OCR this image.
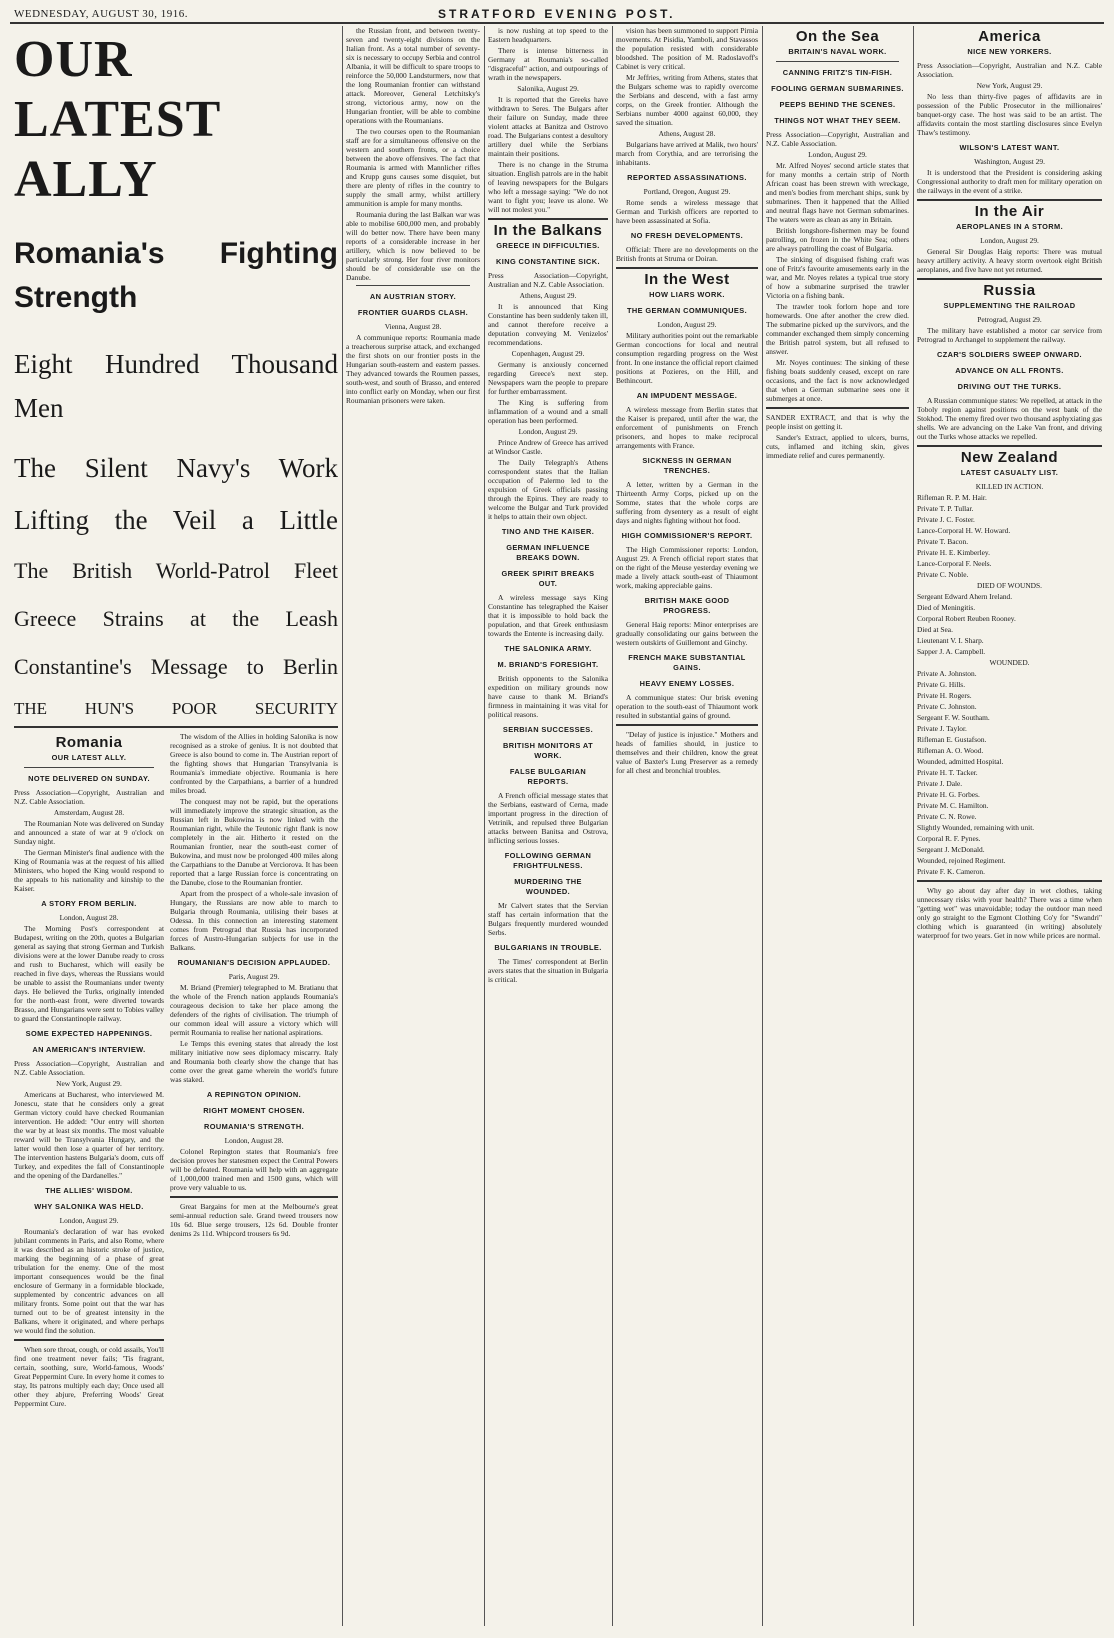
WEDNESDAY, AUGUST 30, 1916.	STRATFORD EVENING POST.
OUR LATEST ALLY
Romania's Fighting Strength
Eight Hundred Thousand Men
The Silent Navy's Work
Lifting the Veil a Little
The British World-Patrol Fleet
Greece Strains at the Leash
Constantine's Message to Berlin
THE HUN'S POOR SECURITY
Romania
OUR LATEST ALLY.
NOTE DELIVERED ON SUNDAY.

Press Association—Copyright, Australian and N.Z. Cable Association.

Amsterdam, August 28.

The Roumanian Note was delivered on Sunday and announced a state of war at 9 o'clock on Sunday night.

The German Minister's final audience with the King of Roumania was at the request of his allied Ministers, who hoped the King would respond to the appeals to his nationality and kinship to the Kaiser.

A STORY FROM BERLIN.

London, August 28.

The Morning Post's correspondent at Budapest, writing on the 20th, quotes a Bulgarian general as saying that strong German and Turkish divisions were at the lower Danube ready to cross and rush to Bucharest, which will easily be reached in five days, whereas the Russians would be unable to assist the Roumanians under twenty days. He believed the Turks, originally intended for the north-east front, were diverted towards Brasso, and Hungarians were sent to Tobies valley to guard the Constantinople railway.

SOME EXPECTED HAPPENINGS.
AN AMERICAN'S INTERVIEW.

Press Association—Copyright, Australian and N.Z. Cable Association.

New York, August 29.

Americans at Bucharest, who interviewed M. Jonescu, state that he considers only a great German victory could have checked Roumanian intervention. He added: "Our entry will shorten the war by at least six months. The most valuable reward will be Transylvania Hungary, and the latter would then lose a quarter of her territory. The intervention hastens Bulgaria's doom, cuts off Turkey, and expedites the fall of Constantinople and the opening of the Dardanelles."

THE ALLIES' WISDOM.
WHY SALONIKA WAS HELD.

London, August 29.

Roumania's declaration of war has evoked jubilant comments in Paris, and also Rome, where it was described as an historic stroke of justice, marking the beginning of a phase of great tribulation for the enemy. One of the most important consequences would be the final enclosure of Germany in a formidable blockade, supplemented by concentric advances on all military fronts. Some point out that the war has turned out to be of greatest intensity in the Balkans, where it originated, and where perhaps we would find the solution.

When sore throat, cough, or cold assails, You'll find one treatment never fails; 'Tis fragrant, certain, soothing, sure, World-famous, Woods' Great Peppermint Cure. In every home it comes to stay, Its patrons multiply each day; Once used all other they abjure, Preferring Woods' Great Peppermint Cure.

The wisdom of the Allies in holding Salonika is now recognised as a stroke of genius. It is not doubted that Greece is also bound to come in. The Austrian report of the fighting shows that Hungarian Transylvania is Roumania's immediate objective. Roumania is here confronted by the Carpathians, a barrier of a hundred miles broad.

The conquest may not be rapid, but the operations will immediately improve the strategic situation, as the Russian left in Bukowina is now linked with the Roumanian right, while the Teutonic right flank is now completely in the air. Hitherto it rested on the Roumanian frontier, near the south-east corner of Bukowina, and must now be prolonged 400 miles along the Carpathians to the Danube at Verciorova. It has been reported that a large Russian force is concentrating on the Danube, close to the Roumanian frontier.

Apart from the prospect of a whole-sale invasion of Hungary, the Russians are now able to march to Bulgaria through Roumania, utilising their bases at Odessa. In this connection an interesting statement comes from Petrograd that Russia has incorporated forces of Austro-Hungarian subjects for use in the Balkans.

ROUMANIAN'S DECISION APPLAUDED.

Paris, August 29.

M. Briand (Premier) telegraphed to M. Bratianu that the whole of the French nation applauds Roumania's courageous decision to take her place among the defenders of the rights of civilisation. The triumph of our common ideal will assure a victory which will permit Roumania to realise her national aspirations.

Le Temps this evening states that already the lost military initiative now sees diplomacy miscarry. Italy and Roumania both clearly show the change that has come over the great game wherein the world's future was staked.

A REPINGTON OPINION.
RIGHT MOMENT CHOSEN.
ROUMANIA'S STRENGTH.

London, August 28.

Colonel Repington states that Roumania's free decision proves her statesmen expect the Central Powers will be defeated. Roumania will help with an aggregate of 1,000,000 trained men and 1500 guns, which will prove very valuable to us.

Great Bargains for men at the Melbourne's great semi-annual reduction sale. Grand tweed trousers now 10s 6d. Blue serge trousers, 12s 6d. Double fronter denims 2s 11d. Whipcord trousers 6s 9d.

the Russian front, and between twenty-seven and twenty-eight divisions on the Italian front. As a total number of seventy-six is necessary to occupy Serbia and control Albania, it will be difficult to spare troops to reinforce the 50,000 Landsturmers, now that the long Roumanian frontier can withstand attack. Moreover, General Letchitsky's strong, victorious army, now on the Hungarian frontier, will be able to combine operations with the Roumanians.

The two courses open to the Roumanian staff are for a simultaneous offensive on the western and southern fronts, or a choice between the above offensives. The fact that Roumania is armed with Mannlicher rifles and Krupp guns causes some disquiet, but there are plenty of rifles in the country to supply the small army, whilst artillery ammunition is ample for many months.

Roumania during the last Balkan war was able to mobilise 600,000 men, and probably will do better now. There have been many reports of a considerable increase in her artillery, which is now believed to be particularly strong. Her four river monitors should be of considerable use on the Danube.

AN AUSTRIAN STORY.
FRONTIER GUARDS CLASH.

Vienna, August 28.

A communique reports: Roumania made a treacherous surprise attack, and exchanged the first shots on our frontier posts in the Hungarian south-eastern and eastern passes. They advanced towards the Roumen passes, south-west, and south of Brasso, and entered into conflict early on Monday, when our first Roumanian prisoners were taken.

is now rushing at top speed to the Eastern headquarters.

There is intense bitterness in Germany at Roumania's so-called "disgraceful" action, and outpourings of wrath in the newspapers.

Salonika, August 29.

It is reported that the Greeks have withdrawn to Seres. The Bulgars after their failure on Sunday, made three violent attacks at Banitza and Ostrovo road. The Bulgarians contest a desultory artillery duel while the Serbians maintain their positions.

There is no change in the Struma situation. English patrols are in the habit of leaving newspapers for the Bulgars who left a message saying: "We do not want to fight you; leave us alone. We will not molest you."

In the Balkans
GREECE IN DIFFICULTIES.
KING CONSTANTINE SICK.

Press Association—Copyright, Australian and N.Z. Cable Association.

Athens, August 29.

It is announced that King Constantine has been suddenly taken ill, and cannot therefore receive a deputation conveying M. Venizelos' recommendations.

Copenhagen, August 29.

Germany is anxiously concerned regarding Greece's next step. Newspapers warn the people to prepare for further embarrassment.

The King is suffering from inflammation of a wound and a small operation has been performed.

London, August 29.

Prince Andrew of Greece has arrived at Windsor Castle.

The Daily Telegraph's Athens correspondent states that the Italian occupation of Palermo led to the expulsion of Greek officials passing through the Epirus. They are ready to welcome the Bulgar and Turk provided it helps to attain their own object.

TINO AND THE KAISER.
GERMAN INFLUENCE BREAKS DOWN.
GREEK SPIRIT BREAKS OUT.

A wireless message says King Constantine has telegraphed the Kaiser that it is impossible to hold back the population, and that Greek enthusiasm towards the Entente is increasing daily.

THE SALONIKA ARMY.
M. BRIAND'S FORESIGHT.

British opponents to the Salonika expedition on military grounds now have cause to thank M. Briand's firmness in maintaining it was vital for political reasons.

SERBIAN SUCCESSES.
BRITISH MONITORS AT WORK.
FALSE BULGARIAN REPORTS.

A French official message states that the Serbians, eastward of Cerna, made important progress in the direction of Vetrinik, and repulsed three Bulgarian attacks between Banitsa and Ostrova, inflicting serious losses.

FOLLOWING GERMAN FRIGHTFULNESS.
MURDERING THE WOUNDED.

Mr Calvert states that the Servian staff has certain information that the Bulgars frequently murdered wounded Serbs.

BULGARIANS IN TROUBLE.

The Times' correspondent at Berlin avers states that the situation in Bulgaria is critical.

vision has been summoned to support Pirnia movements. At Pisidia, Yamboli, and Stavassos the population resisted with considerable bloodshed. The position of M. Radoslavoff's Cabinet is very critical.

Mr Jeffries, writing from Athens, states that the Bulgars scheme was to rapidly overcome the Serbians and descend, with a fast army corps, on the Greek frontier. Although the Serbians number 4000 against 60,000, they saved the situation.

Athens, August 28.

Bulgarians have arrived at Malik, two hours' march from Corythia, and are terrorising the inhabitants.

REPORTED ASSASSINATIONS.

Portland, Oregon, August 29.

Rome sends a wireless message that German and Turkish officers are reported to have been assassinated at Sofia.

NO FRESH DEVELOPMENTS.

Official: There are no developments on the British fronts at Struma or Doiran.

In the West
HOW LIARS WORK.
THE GERMAN COMMUNIQUES.

London, August 29.

Military authorities point out the remarkable German concoctions for local and neutral consumption regarding progress on the West front. In one instance the official report claimed positions at Pozieres, on the Hill, and Bethincourt.

AN IMPUDENT MESSAGE.

A wireless message from Berlin states that the Kaiser is prepared, until after the war, the enforcement of punishments on French prisoners, and hopes to make reciprocal arrangements with France.

SICKNESS IN GERMAN TRENCHES.

A letter, written by a German in the Thirteenth Army Corps, picked up on the Somme, states that the whole corps are suffering from dysentery as a result of eight days and nights fighting without hot food.

HIGH COMMISSIONER'S REPORT.

The High Commissioner reports: London, August 29. A French official report states that on the right of the Meuse yesterday evening we made a lively attack south-east of Thiaumont work, making appreciable gains.

BRITISH MAKE GOOD PROGRESS.

General Haig reports: Minor enterprises are gradually consolidating our gains between the western outskirts of Guillemont and Ginchy.

FRENCH MAKE SUBSTANTIAL GAINS.
HEAVY ENEMY LOSSES.

A communique states: Our brisk evening operation to the south-east of Thiaumont work resulted in substantial gains of ground.

"Delay of justice is injustice." Mothers and heads of families should, in justice to themselves and their children, know the great value of Baxter's Lung Preserver as a remedy for all chest and bronchial troubles.

On the Sea
BRITAIN'S NAVAL WORK.
CANNING FRITZ'S TIN-FISH.
FOOLING GERMAN SUBMARINES.
PEEPS BEHIND THE SCENES.
THINGS NOT WHAT THEY SEEM.

Press Association—Copyright, Australian and N.Z. Cable Association.

London, August 29.

Mr. Alfred Noyes' second article states that for many months a certain strip of North African coast has been strewn with wreckage, and men's bodies from merchant ships, sunk by submarines. Then it happened that the Allied and neutral flags have not German submarines. The waters were as clean as any in Britain.

British longshore-fishermen may be found patrolling, on frozen in the White Sea; others are always patrolling the coast of Bulgaria.

The sinking of disguised fishing craft was one of Fritz's favourite amusements early in the war, and Mr. Noyes relates a typical true story of how a submarine surprised the trawler Victoria on a fishing bank.

The trawler took forlorn hope and tore homewards. One after another the crew died. The submarine picked up the survivors, and the commander exchanged them simply concerning the British patrol system, but all refused to answer.

Mr. Noyes continues: The sinking of these fishing boats suddenly ceased, except on rare occasions, and the fact is now acknowledged that when a German submarine sees one it submerges at once.

SANDER EXTRACT, and that is why the people insist on getting it.

Sander's Extract, applied to ulcers, burns, cuts, inflamed and itching skin, gives immediate relief and cures permanently.

America
NICE NEW YORKERS.

Press Association—Copyright, Australian and N.Z. Cable Association.

New York, August 29.

No less than thirty-five pages of affidavits are in possession of the Public Prosecutor in the millionaires' banquet-orgy case. The host was said to be an artist. The affidavits contain the most startling disclosures since Evelyn Thaw's testimony.

WILSON'S LATEST WANT.

Washington, August 29.

It is understood that the President is considering asking Congressional authority to draft men for military operation on the railways in the event of a strike.

In the Air
AEROPLANES IN A STORM.

London, August 29.

General Sir Douglas Haig reports: There was mutual heavy artillery activity. A heavy storm overtook eight British aeroplanes, and five have not yet returned.

Russia
SUPPLEMENTING THE RAILROAD

Petrograd, August 29.

The military have established a motor car service from Petrograd to Archangel to supplement the railway.

CZAR'S SOLDIERS SWEEP ONWARD.
ADVANCE ON ALL FRONTS.
DRIVING OUT THE TURKS.

A Russian communique states: We repelled, at attack in the Toboly region against positions on the west bank of the Stokhod. The enemy fired over two thousand asphyxiating gas shells. We are advancing on the Lake Van front, and driving out the Turks whose attacks we repelled.

New Zealand
LATEST CASUALTY LIST.

KILLED IN ACTION.

Rifleman R. P. M. Hair.

Private T. P. Tullar.

Private J. C. Foster.

Lance-Corporal H. W. Howard.

Private T. Bacon.

Private H. E. Kimberley.

Lance-Corporal F. Neels.

Private C. Noble.

DIED OF WOUNDS.

Sergeant Edward Ahern Ireland.

Died of Meningitis.

Corporal Robert Reuben Rooney.

Died at Sea.

Lieutenant V. I. Sharp.

Sapper J. A. Campbell.

WOUNDED.

Private A. Johnston.

Private G. Hills.

Private H. Rogers.

Private C. Johnston.

Sergeant F. W. Southam.

Private J. Taylor.

Rifleman E. Gustafson.

Rifleman A. O. Wood.

Wounded, admitted Hospital.

Private H. T. Tacker.

Private J. Dale.

Private H. G. Forbes.

Private M. C. Hamilton.

Private C. N. Rowe.

Slightly Wounded, remaining with unit.

Corporal R. F. Pynes.

Sergeant J. McDonald.

Wounded, rejoined Regiment.

Private F. K. Cameron.

Why go about day after day in wet clothes, taking unnecessary risks with your health? There was a time when "getting wet" was unavoidable; today the outdoor man need only go straight to the Egmont Clothing Co'y for "Swandri" clothing which is guaranteed (in writing) absolutely waterproof for two years. Get in now while prices are normal.
